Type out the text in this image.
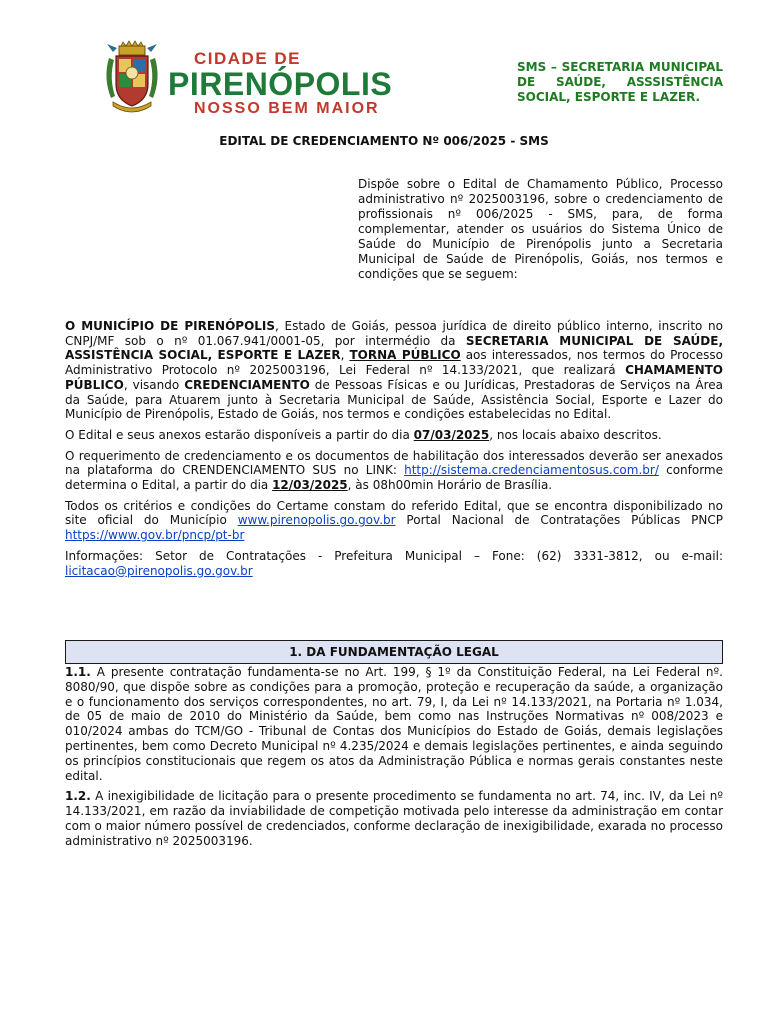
CIDADE DE
PIRENÓPOLIS
NOSSO BEM MAIOR
SMS – SECRETARIA MUNICIPAL DE SAÚDE, ASSSISTÊNCIA SOCIAL, ESPORTE E LAZER.
EDITAL DE CREDENCIAMENTO Nº 006/2025 - SMS
Dispõe sobre o Edital de Chamamento Público, Processo administrativo nº 2025003196, sobre o credenciamento de profissionais nº 006/2025 - SMS, para, de forma complementar, atender os usuários do Sistema Único de Saúde do Município de Pirenópolis junto a Secretaria Municipal de Saúde de Pirenópolis, Goiás, nos termos e condições que se seguem:

O MUNICÍPIO DE PIRENÓPOLIS, Estado de Goiás, pessoa jurídica de direito público interno, inscrito no CNPJ/MF sob o nº 01.067.941/0001-05, por intermédio da SECRETARIA MUNICIPAL DE SAÚDE, ASSISTÊNCIA SOCIAL, ESPORTE E LAZER, TORNA PÚBLICO aos interessados, nos termos do Processo Administrativo Protocolo nº 2025003196, Lei Federal nº 14.133/2021, que realizará CHAMAMENTO PÚBLICO, visando CREDENCIAMENTO de Pessoas Físicas e ou Jurídicas, Prestadoras de Serviços na Área da Saúde, para Atuarem junto à Secretaria Municipal de Saúde, Assistência Social, Esporte e Lazer do Município de Pirenópolis, Estado de Goiás, nos termos e condições estabelecidas no Edital.

O Edital e seus anexos estarão disponíveis a partir do dia 07/03/2025, nos locais abaixo descritos.

O requerimento de credenciamento e os documentos de habilitação dos interessados deverão ser anexados na plataforma do CRENDENCIAMENTO SUS no LINK: http://sistema.credenciamentosus.com.br/ conforme determina o Edital, a partir do dia 12/03/2025, às 08h00min Horário de Brasília.

Todos os critérios e condições do Certame constam do referido Edital, que se encontra disponibilizado no site oficial do Município www.pirenopolis.go.gov.br Portal Nacional de Contratações Públicas PNCP https://www.gov.br/pncp/pt-br

Informações: Setor de Contratações - Prefeitura Municipal – Fone: (62) 3331-3812, ou e-mail: licitacao@pirenopolis.go.gov.br

1. DA FUNDAMENTAÇÃO LEGAL

1.1. A presente contratação fundamenta-se no Art. 199, § 1º da Constituição Federal, na Lei Federal nº. 8080/90, que dispõe sobre as condições para a promoção, proteção e recuperação da saúde, a organização e o funcionamento dos serviços correspondentes, no art. 79, I, da Lei nº 14.133/2021, na Portaria nº 1.034, de 05 de maio de 2010 do Ministério da Saúde, bem como nas Instruções Normativas nº 008/2023 e 010/2024 ambas do TCM/GO - Tribunal de Contas dos Municípios do Estado de Goiás, demais legislações pertinentes, bem como Decreto Municipal nº 4.235/2024 e demais legislações pertinentes, e ainda seguindo os princípios constitucionais que regem os atos da Administração Pública e normas gerais constantes neste edital.

1.2. A inexigibilidade de licitação para o presente procedimento se fundamenta no art. 74, inc. IV, da Lei nº 14.133/2021, em razão da inviabilidade de competição motivada pelo interesse da administração em contar com o maior número possível de credenciados, conforme declaração de inexigibilidade, exarada no processo administrativo nº 2025003196.
